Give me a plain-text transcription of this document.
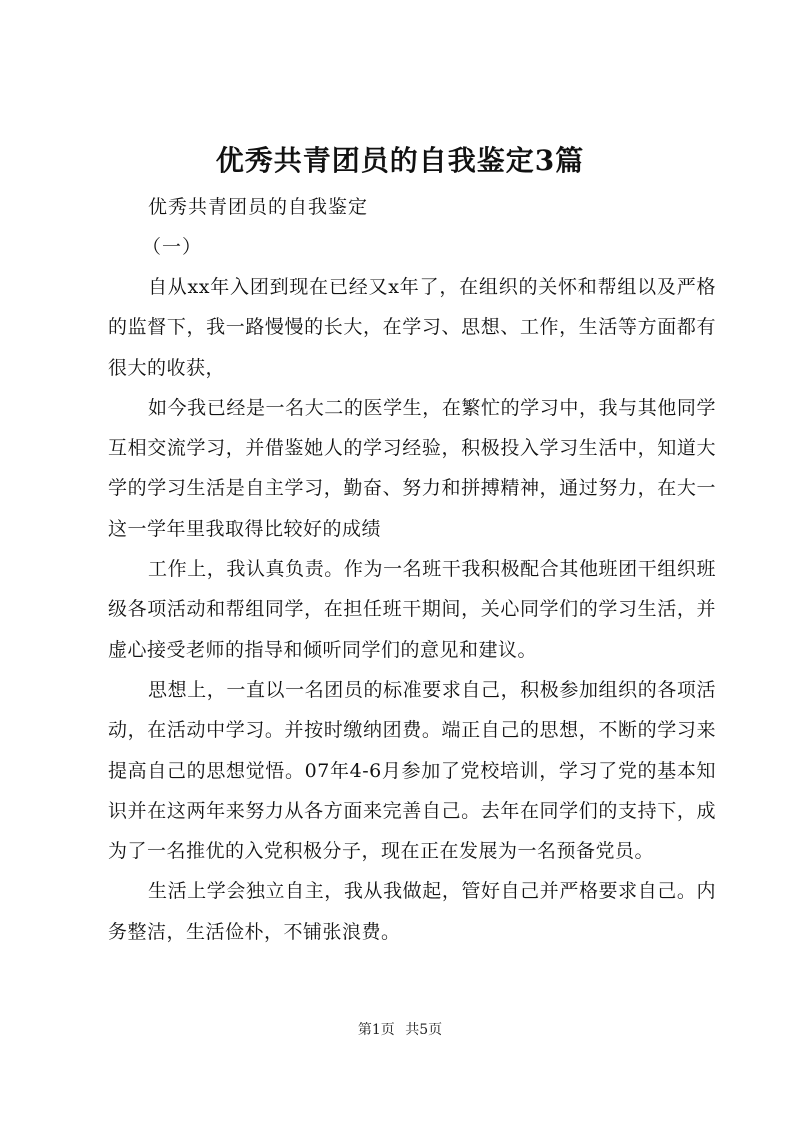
优秀共青团员的自我鉴定3篇

优秀共青团员的自我鉴定

（一）

自从xx年入团到现在已经又x年了，在组织的关怀和帮组以及严格的监督下，我一路慢慢的长大，在学习、思想、工作，生活等方面都有很大的收获，

如今我已经是一名大二的医学生，在繁忙的学习中，我与其他同学互相交流学习，并借鉴她人的学习经验，积极投入学习生活中，知道大学的学习生活是自主学习，勤奋、努力和拼搏精神，通过努力，在大一这一学年里我取得比较好的成绩

工作上，我认真负责。作为一名班干我积极配合其他班团干组织班级各项活动和帮组同学，在担任班干期间，关心同学们的学习生活，并虚心接受老师的指导和倾听同学们的意见和建议。

思想上，一直以一名团员的标准要求自己，积极参加组织的各项活动，在活动中学习。并按时缴纳团费。端正自己的思想，不断的学习来提高自己的思想觉悟。07年4-6月参加了党校培训，学习了党的基本知识并在这两年来努力从各方面来完善自己。去年在同学们的支持下，成为了一名推优的入党积极分子，现在正在发展为一名预备党员。

生活上学会独立自主，我从我做起，管好自己并严格要求自己。内务整洁，生活俭朴，不铺张浪费。

第1页 共5页
